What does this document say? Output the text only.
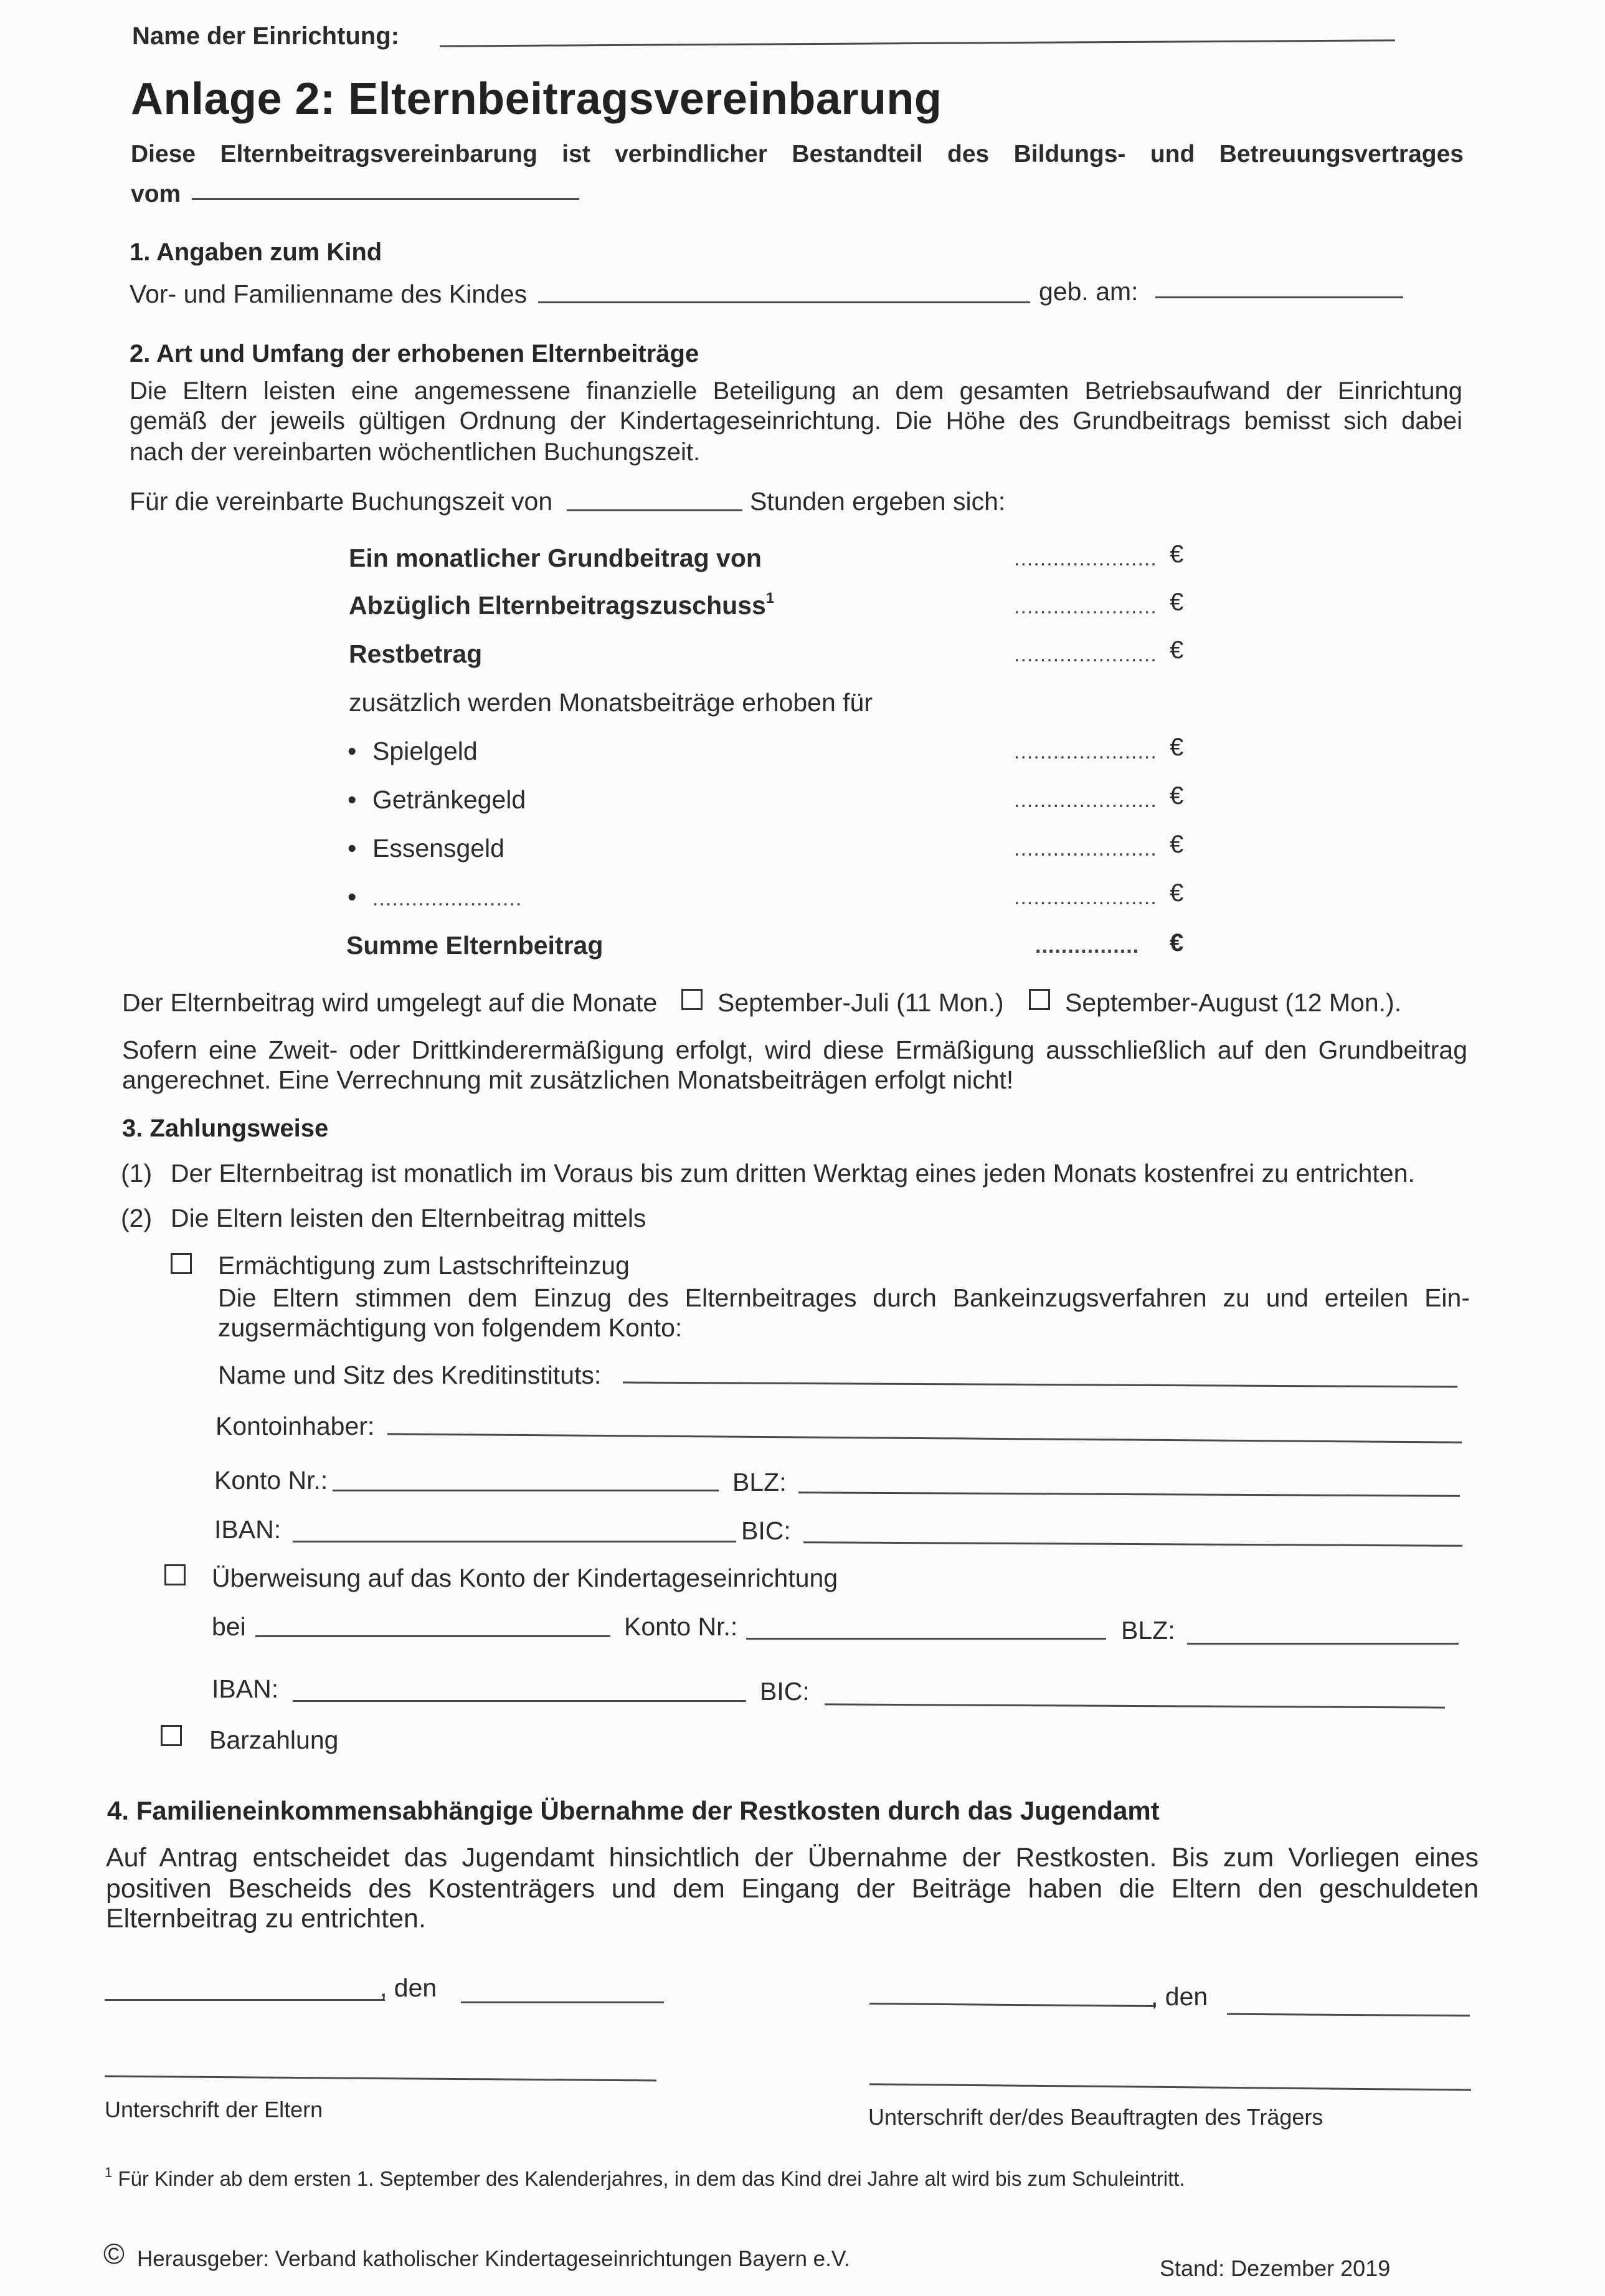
Name der Einrichtung:
Anlage 2: Elternbeitragsvereinbarung
Diese Elternbeitragsvereinbarung ist verbindlicher Bestandteil des Bildungs- und Betreuungsvertrages
vom
1. Angaben zum Kind
Vor- und Familienname des Kindes	geb. am:
2. Art und Umfang der erhobenen Elternbeiträge
Die Eltern leisten eine angemessene finanzielle Beteiligung an dem gesamten Betriebsaufwand der Einrichtung
gemäß der jeweils gültigen Ordnung der Kindertageseinrichtung. Die Höhe des Grundbeitrags bemisst sich dabei
nach der vereinbarten wöchentlichen Buchungszeit.
Für die vereinbarte Buchungszeit von	Stunden ergeben sich:
Ein monatlicher Grundbeitrag von	...................... €
Abzüglich Elternbeitragszuschuss$^1$	...................... €
Restbetrag	...................... €
zusätzlich werden Monatsbeiträge erhoben für
• Spielgeld	...................... €
• Getränkegeld	...................... €
• Essensgeld	...................... €
• .......................	...................... €
Summe Elternbeitrag	................ €
Der Elternbeitrag wird umgelegt auf die Monate September-Juli (11 Mon.) September-August (12 Mon.).
Sofern eine Zweit- oder Drittkinderermäßigung erfolgt, wird diese Ermäßigung ausschließlich auf den Grundbeitrag
angerechnet. Eine Verrechnung mit zusätzlichen Monatsbeiträgen erfolgt nicht!
3. Zahlungsweise
(1) Der Elternbeitrag ist monatlich im Voraus bis zum dritten Werktag eines jeden Monats kostenfrei zu entrichten.
(2) Die Eltern leisten den Elternbeitrag mittels
Ermächtigung zum Lastschrifteinzug
Die Eltern stimmen dem Einzug des Elternbeitrages durch Bankeinzugsverfahren zu und erteilen Ein-
zugsermächtigung von folgendem Konto:
Name und Sitz des Kreditinstituts:
Kontoinhaber:
Konto Nr.:	BLZ:
IBAN:	BIC:
Überweisung auf das Konto der Kindertageseinrichtung
bei	Konto Nr.:	BLZ:
IBAN:	BIC:
Barzahlung
4. Familieneinkommensabhängige Übernahme der Restkosten durch das Jugendamt
Auf Antrag entscheidet das Jugendamt hinsichtlich der Übernahme der Restkosten. Bis zum Vorliegen eines
positiven Bescheids des Kostenträgers und dem Eingang der Beiträge haben die Eltern den geschuldeten
Elternbeitrag zu entrichten.
, den
Unterschrift der Eltern
, den
Unterschrift der/des Beauftragten des Trägers
$^1$ Für Kinder ab dem ersten 1. September des Kalenderjahres, in dem das Kind drei Jahre alt wird bis zum Schuleintritt.
© Herausgeber: Verband katholischer Kindertageseinrichtungen Bayern e.V.	Stand: Dezember 2019
